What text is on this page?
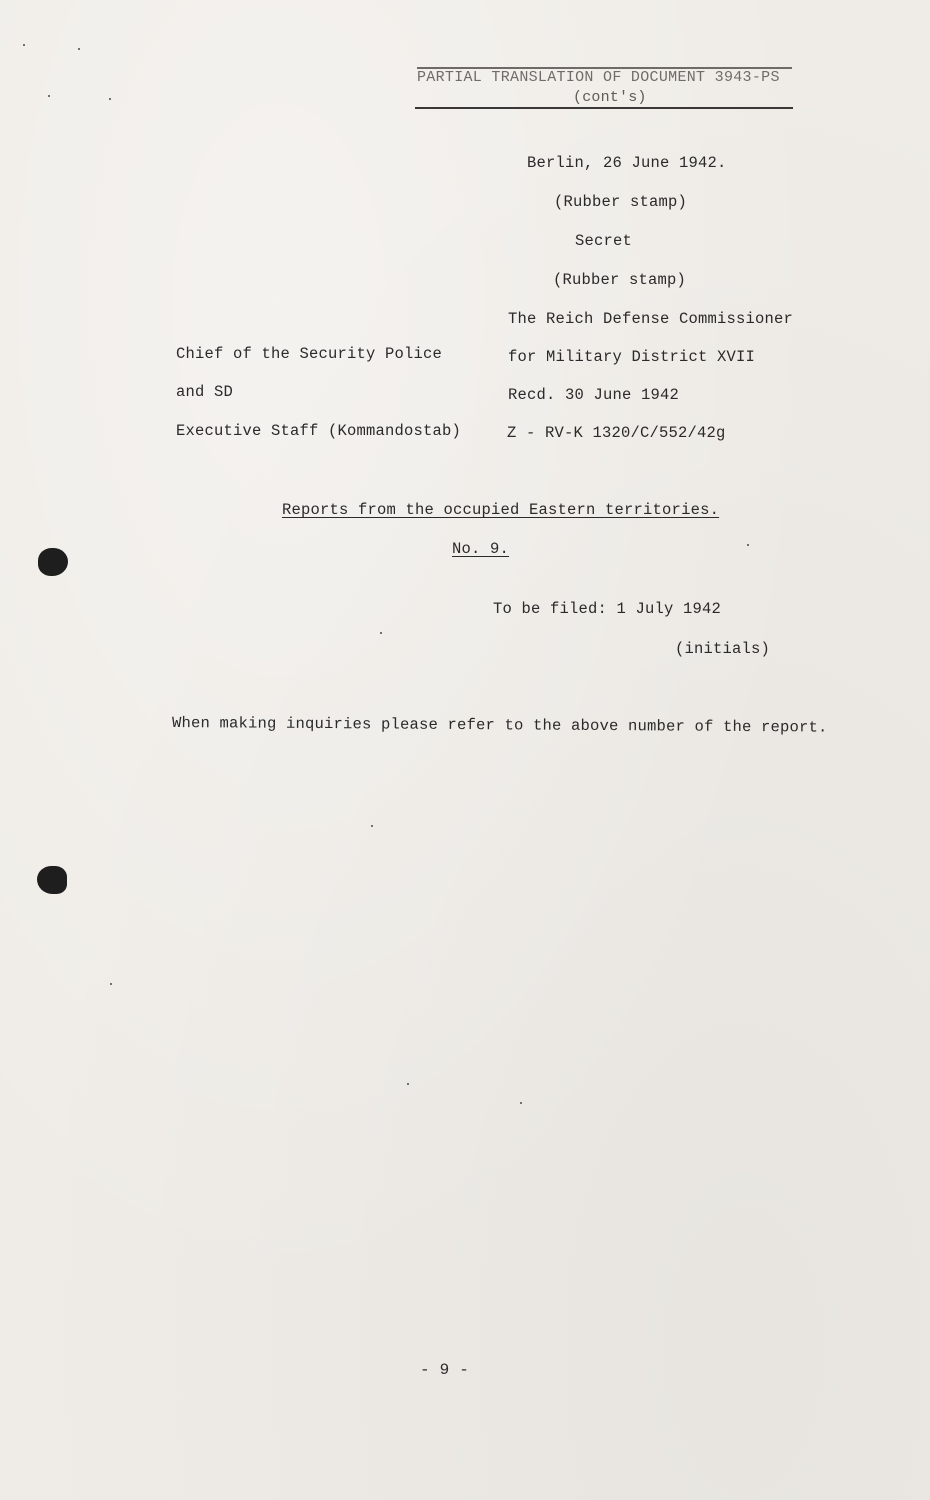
PARTIAL TRANSLATION OF DOCUMENT 3943-PS
(cont's)
Berlin, 26 June 1942.
(Rubber stamp)
Secret
(Rubber stamp)
The Reich Defense Commissioner
for Military District XVII
Recd. 30 June 1942
Z - RV-K 1320/C/552/42g
Chief of the Security Police
and SD
Executive Staff (Kommandostab)
Reports from the occupied Eastern territories.
No. 9.
To be filed: 1 July 1942
(initials)
When making inquiries please refer to the above number of the report.
- 9 -
